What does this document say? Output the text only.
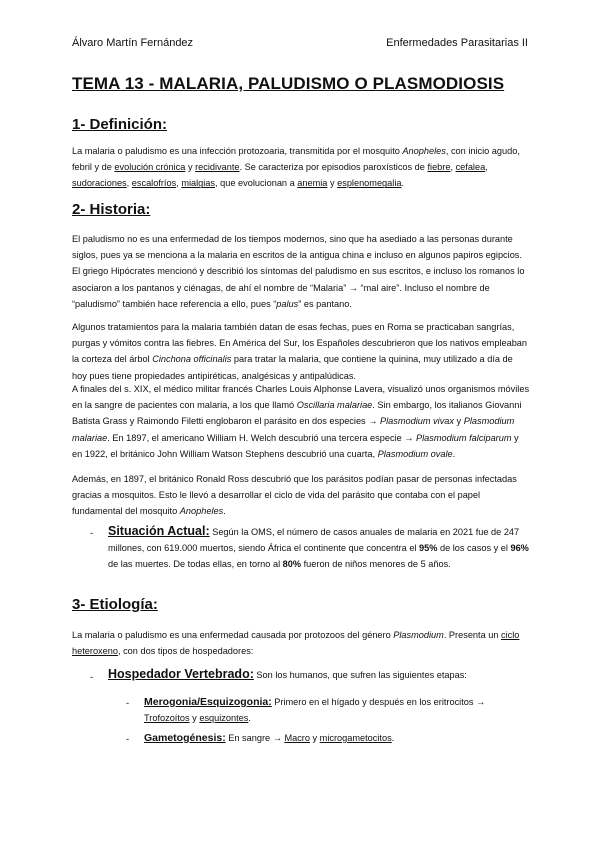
Álvaro Martín Fernández	Enfermedades Parasitarias II
TEMA 13 - MALARIA, PALUDISMO O PLASMODIOSIS
1- Definición:

La malaria o paludismo es una infección protozoaria, transmitida por el mosquito Anopheles, con inicio agudo, febril y de evolución crónica y recidivante. Se caracteriza por episodios paroxísticos de fiebre, cefalea, sudoraciones, escalofríos, mialgias, que evolucionan a anemia y esplenomegalia.

2- Historia:

El paludismo no es una enfermedad de los tiempos modernos, sino que ha asediado a las personas durante siglos, pues ya se menciona a la malaria en escritos de la antigua china e incluso en algunos papiros egipcios. El griego Hipócrates mencionó y describió los síntomas del paludismo en sus escritos, e incluso los romanos lo asociaron a los pantanos y ciénagas, de ahí el nombre de “Malaria” → “mal aire”. Incluso el nombre de “paludismo” también hace referencia a ello, pues “palus” es pantano.

Algunos tratamientos para la malaria también datan de esas fechas, pues en Roma se practicaban sangrías, purgas y vómitos contra las fiebres. En América del Sur, los Españoles descubrieron que los nativos empleaban la corteza del árbol Cinchona officinalis para tratar la malaria, que contiene la quinina, muy utilizado a día de hoy pues tiene propiedades antipiréticas, analgésicas y antipalúdicas.

A finales del s. XIX, el médico militar francés Charles Louis Alphonse Lavera, visualizó unos organismos móviles en la sangre de pacientes con malaria, a los que llamó Oscillaria malariae. Sin embargo, los italianos Giovanni Batista Grass y Raimondo Filetti englobaron el parásito en dos especies → Plasmodium vivax y Plasmodium malariae. En 1897, el americano William H. Welch descubrió una tercera especie → Plasmodium falciparum y en 1922, el británico John William Watson Stephens descubrió una cuarta, Plasmodium ovale.

Además, en 1897, el británico Ronald Ross descubrió que los parásitos podían pasar de personas infectadas gracias a mosquitos. Esto le llevó a desarrollar el ciclo de vida del parásito que contaba con el papel fundamental del mosquito Anopheles.

- Situación Actual: Según la OMS, el número de casos anuales de malaria en 2021 fue de 247 millones, con 619.000 muertos, siendo África el continente que concentra el 95% de los casos y el 96% de las muertes. De todas ellas, en torno al 80% fueron de niños menores de 5 años.

3- Etiología:

La malaria o paludismo es una enfermedad causada por protozoos del género Plasmodium. Presenta un ciclo heteroxeno, con dos tipos de hospedadores:

- Hospedador Vertebrado: Son los humanos, que sufren las siguientes etapas:

- Merogonia/Esquizogonia: Primero en el hígado y después en los eritrocitos → Trofozoítos y esquizontes.

- Gametogénesis: En sangre → Macro y microgametocitos.
